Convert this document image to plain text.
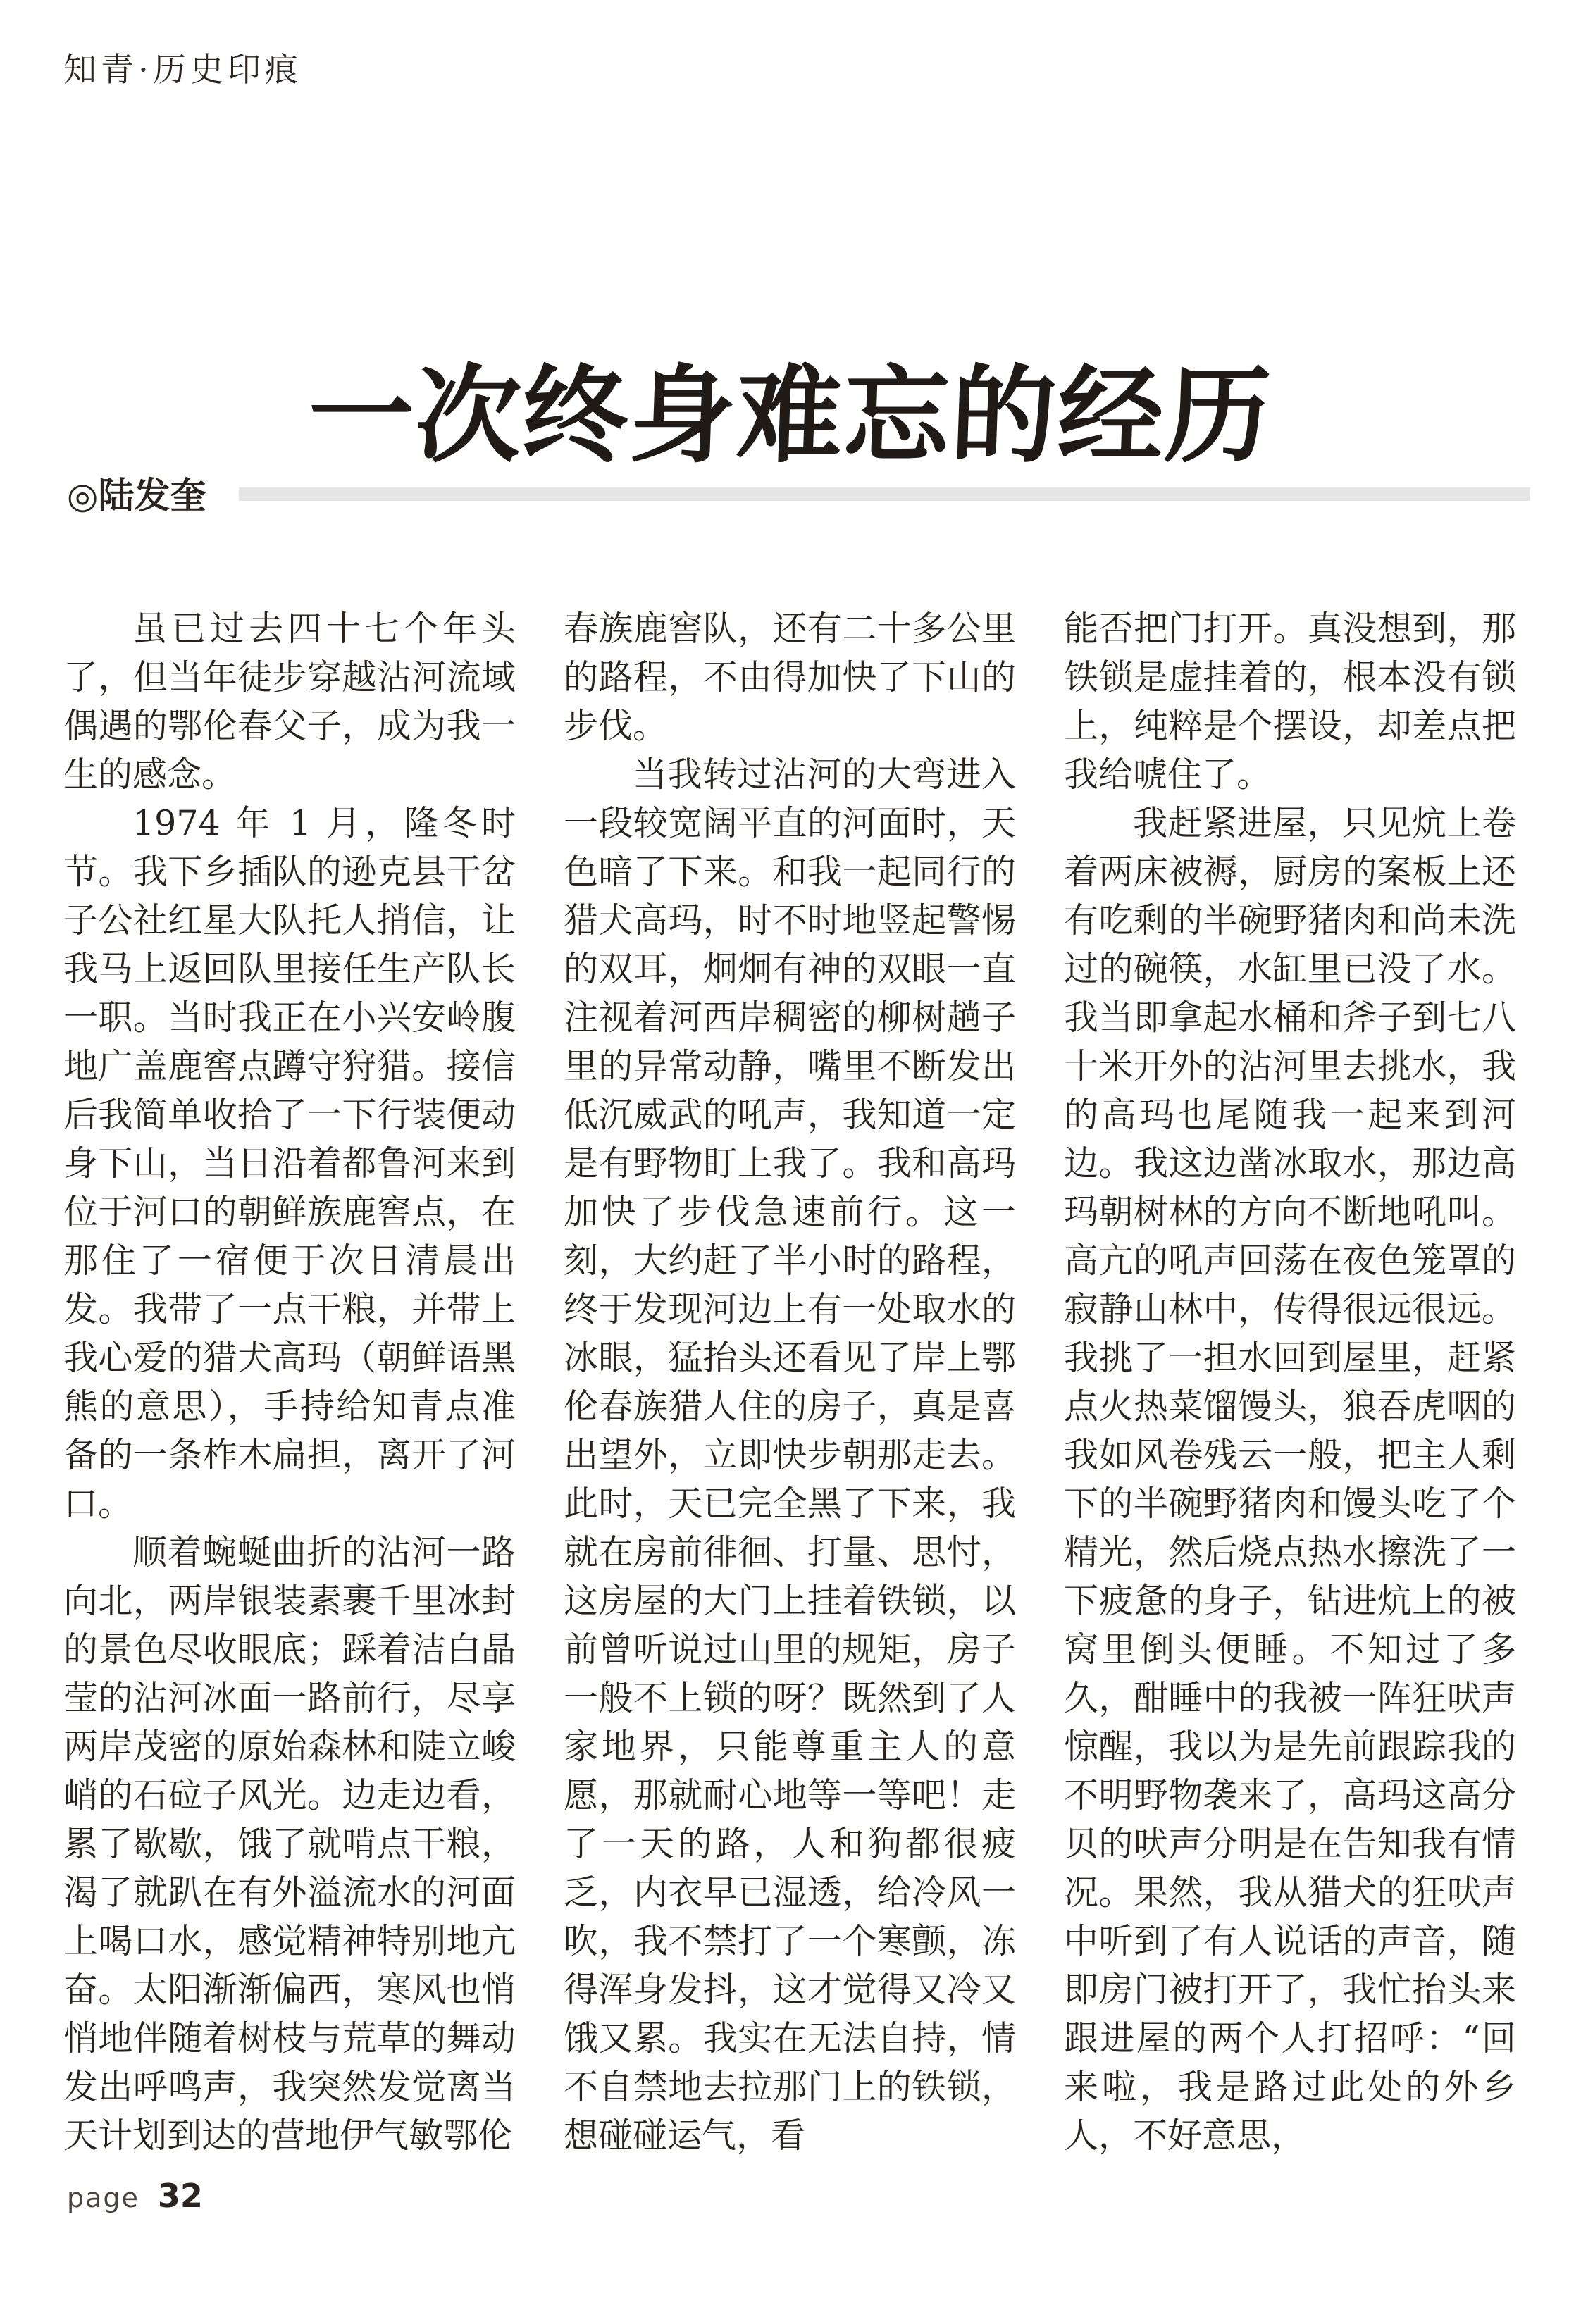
知青·历史印痕
一次终身难忘的经历
◎陆发奎

虽已过去四十七个年头了，但当年徒步穿越沾河流域偶遇的鄂伦春父子，成为我一生的感念。

1974 年 1 月，隆冬时节。我下乡插队的逊克县干岔子公社红星大队托人捎信，让我马上返回队里接任生产队长一职。当时我正在小兴安岭腹地广盖鹿窖点蹲守狩猎。接信后我简单收拾了一下行装便动身下山，当日沿着都鲁河来到位于河口的朝鲜族鹿窖点，在那住了一宿便于次日清晨出发。我带了一点干粮，并带上我心爱的猎犬高玛（朝鲜语黑熊的意思），手持给知青点准备的一条柞木扁担，离开了河口。

顺着蜿蜒曲折的沾河一路向北，两岸银装素裹千里冰封的景色尽收眼底；踩着洁白晶莹的沾河冰面一路前行，尽享两岸茂密的原始森林和陡立峻峭的石砬子风光。边走边看，累了歇歇，饿了就啃点干粮，渴了就趴在有外溢流水的河面上喝口水，感觉精神特别地亢奋。太阳渐渐偏西，寒风也悄悄地伴随着树枝与荒草的舞动发出呼鸣声，我突然发觉离当天计划到达的营地伊气敏鄂伦

春族鹿窖队，还有二十多公里的路程，不由得加快了下山的步伐。

当我转过沾河的大弯进入一段较宽阔平直的河面时，天色暗了下来。和我一起同行的猎犬高玛，时不时地竖起警惕的双耳，炯炯有神的双眼一直注视着河西岸稠密的柳树趟子里的异常动静，嘴里不断发出低沉威武的吼声，我知道一定是有野物盯上我了。我和高玛加快了步伐急速前行。这一刻，大约赶了半小时的路程，终于发现河边上有一处取水的冰眼，猛抬头还看见了岸上鄂伦春族猎人住的房子，真是喜出望外，立即快步朝那走去。此时，天已完全黑了下来，我就在房前徘徊、打量、思忖，这房屋的大门上挂着铁锁，以前曾听说过山里的规矩，房子一般不上锁的呀？既然到了人家地界，只能尊重主人的意愿，那就耐心地等一等吧！走了一天的路，人和狗都很疲乏，内衣早已湿透，给冷风一吹，我不禁打了一个寒颤，冻得浑身发抖，这才觉得又冷又饿又累。我实在无法自持，情不自禁地去拉那门上的铁锁，想碰碰运气，看

能否把门打开。真没想到，那铁锁是虚挂着的，根本没有锁上，纯粹是个摆设，却差点把我给唬住了。

我赶紧进屋，只见炕上卷着两床被褥，厨房的案板上还有吃剩的半碗野猪肉和尚未洗过的碗筷，水缸里已没了水。我当即拿起水桶和斧子到七八十米开外的沾河里去挑水，我的高玛也尾随我一起来到河边。我这边凿冰取水，那边高玛朝树林的方向不断地吼叫。高亢的吼声回荡在夜色笼罩的寂静山林中，传得很远很远。我挑了一担水回到屋里，赶紧点火热菜馏馒头，狼吞虎咽的我如风卷残云一般，把主人剩下的半碗野猪肉和馒头吃了个精光，然后烧点热水擦洗了一下疲惫的身子，钻进炕上的被窝里倒头便睡。不知过了多久，酣睡中的我被一阵狂吠声惊醒，我以为是先前跟踪我的不明野物袭来了，高玛这高分贝的吠声分明是在告知我有情况。果然，我从猎犬的狂吠声中听到了有人说话的声音，随即房门被打开了，我忙抬头来跟进屋的两个人打招呼：“回来啦，我是路过此处的外乡人，不好意思，

page 32
